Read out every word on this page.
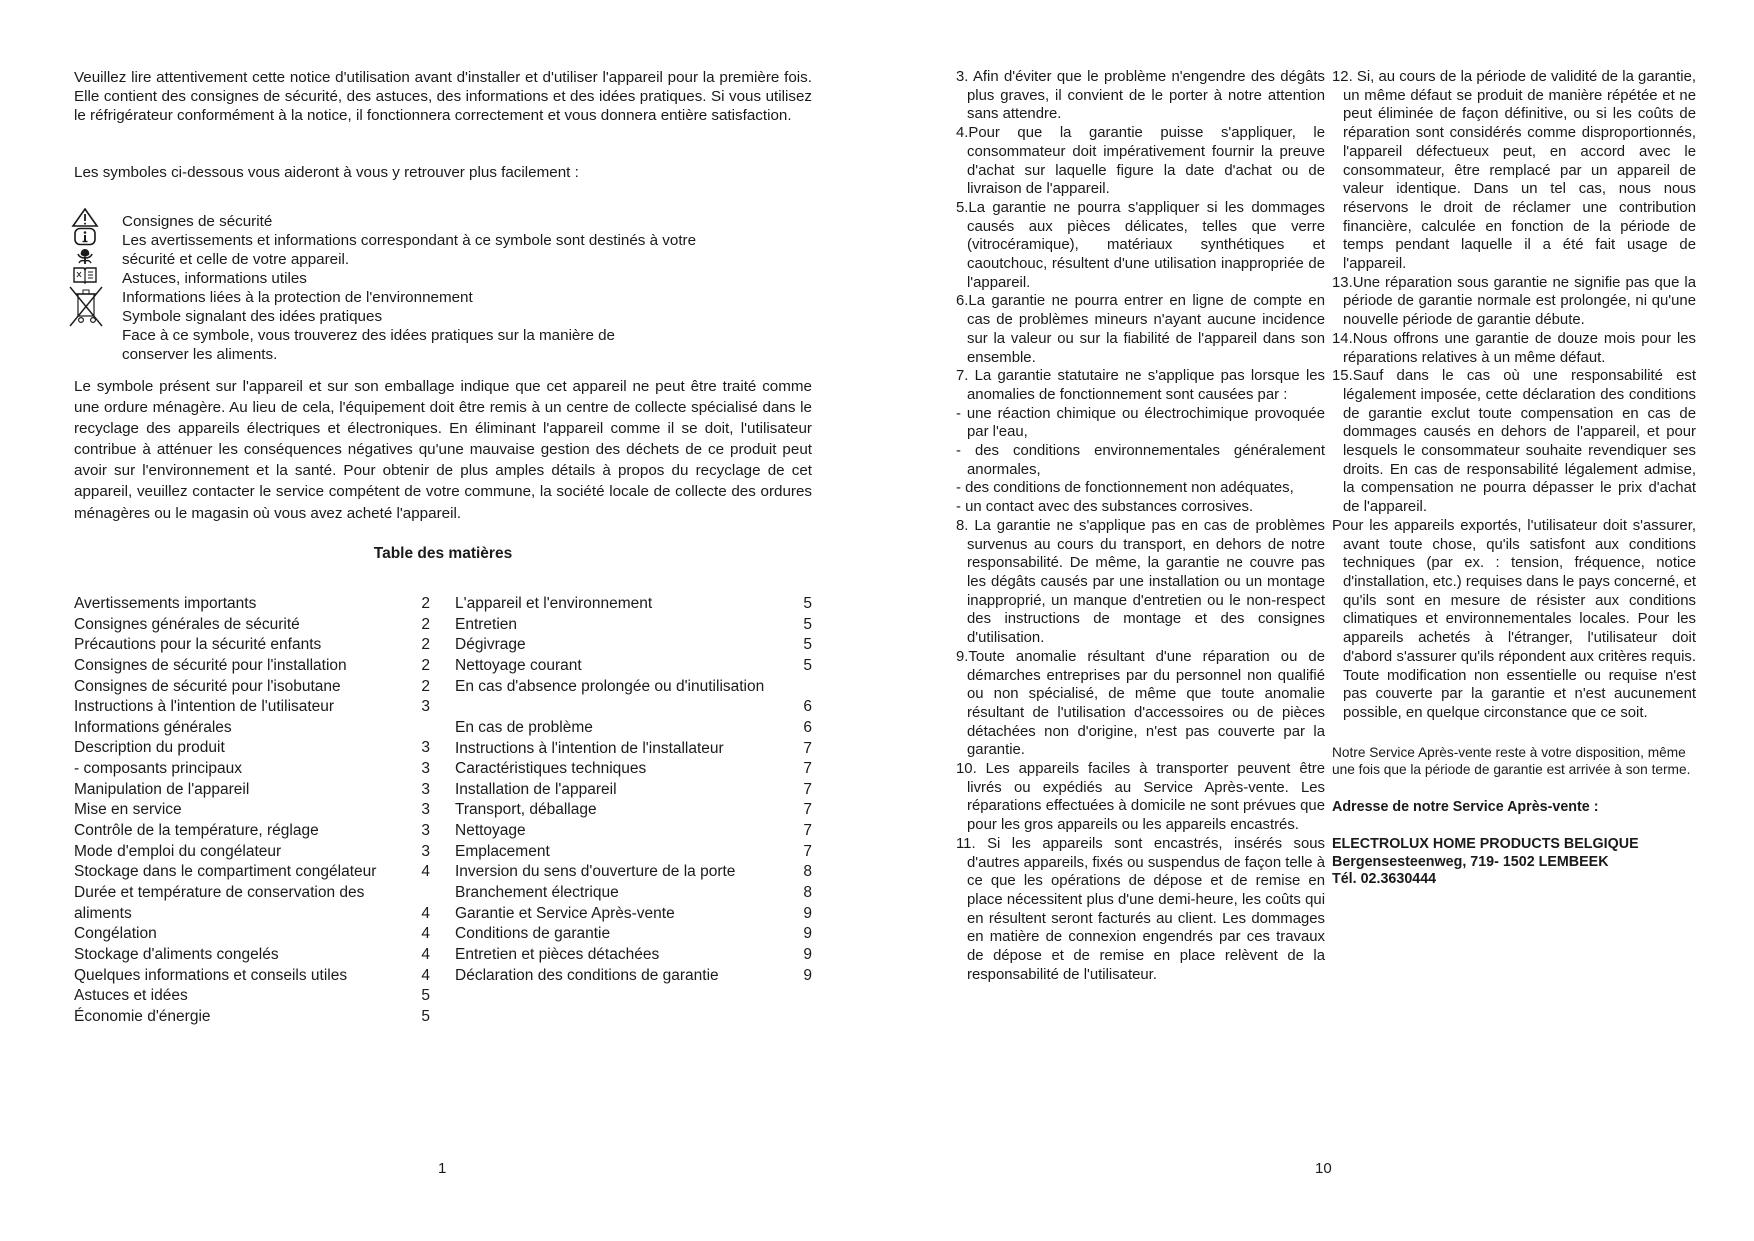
Veuillez lire attentivement cette notice d'utilisation avant d'installer et d'utiliser l'appareil pour la première fois. Elle contient des consignes de sécurité, des astuces, des informations et des idées pratiques. Si vous utilisez le réfrigérateur conformément à la notice, il fonctionnera correctement et vous donnera entière satisfaction.

Les symboles ci-dessous vous aideront à vous y retrouver plus facilement :

Consignes de sécurité
Les avertissements et informations correspondant à ce symbole sont destinés à votre
sécurité et celle de votre appareil.
Astuces, informations utiles
Informations liées à la protection de l'environnement
Symbole signalant des idées pratiques
Face à ce symbole, vous trouverez des idées pratiques sur la manière de
conserver les aliments.

Le symbole présent sur l'appareil et sur son emballage indique que cet appareil ne peut être traité comme une ordure ménagère. Au lieu de cela, l'équipement doit être remis à un centre de collecte spécialisé dans le recyclage des appareils électriques et électroniques. En éliminant l'appareil comme il se doit, l'utilisateur contribue à atténuer les conséquences négatives qu'une mauvaise gestion des déchets de ce produit peut avoir sur l'environnement et la santé. Pour obtenir de plus amples détails à propos du recyclage de cet appareil, veuillez contacter le service compétent de votre commune, la société locale de collecte des ordures ménagères ou le magasin où vous avez acheté l'appareil.

Table des matières

Avertissements importants	2
Consignes générales de sécurité	2
Précautions pour la sécurité enfants	2
Consignes de sécurité pour l'installation	2
Consignes de sécurité pour l'isobutane	2
Instructions à l'intention de l'utilisateur	3
Informations générales
Description du produit	3
- composants principaux	3
Manipulation de l'appareil	3
Mise en service	3
Contrôle de la température, réglage	3
Mode d'emploi du congélateur	3
Stockage dans le compartiment congélateur	4
Durée et température de conservation des aliments	4
Congélation	4
Stockage d'aliments congelés	4
Quelques informations et conseils utiles	4
Astuces et idées	5
Économie d'énergie	5
L'appareil et l'environnement	5
Entretien	5
Dégivrage	5
Nettoyage courant	5
En cas d'absence prolongée ou d'inutilisation
6
En cas de problème	6
Instructions à l'intention de l'installateur	7
Caractéristiques techniques	7
Installation de l'appareil	7
Transport, déballage	7
Nettoyage	7
Emplacement	7
Inversion du sens d'ouverture de la porte	8
Branchement électrique	8
Garantie et Service Après-vente	9
Conditions de garantie	9
Entretien et pièces détachées	9
Déclaration des conditions de garantie	9
1

3. Afin d'éviter que le problème n'engendre des dégâts plus graves, il convient de le porter à notre attention sans attendre.

4.Pour que la garantie puisse s'appliquer, le consommateur doit impérativement fournir la preuve d'achat sur laquelle figure la date d'achat ou de livraison de l'appareil.

5.La garantie ne pourra s'appliquer si les dommages causés aux pièces délicates, telles que verre (vitrocéramique), matériaux synthétiques et caoutchouc, résultent d'une utilisation inappropriée de l'appareil.

6.La garantie ne pourra entrer en ligne de compte en cas de problèmes mineurs n'ayant aucune incidence sur la valeur ou sur la fiabilité de l'appareil dans son ensemble.

7. La garantie statutaire ne s'applique pas lorsque les anomalies de fonctionnement sont causées par :

- une réaction chimique ou électrochimique provoquée par l'eau,

- des conditions environnementales généralement anormales,

- des conditions de fonctionnement non adéquates,

- un contact avec des substances corrosives.

8. La garantie ne s'applique pas en cas de problèmes survenus au cours du transport, en dehors de notre responsabilité. De même, la garantie ne couvre pas les dégâts causés par une installation ou un montage inapproprié, un manque d'entretien ou le non-respect des instructions de montage et des consignes d'utilisation.

9.Toute anomalie résultant d'une réparation ou de démarches entreprises par du personnel non qualifié ou non spécialisé, de même que toute anomalie résultant de l'utilisation d'accessoires ou de pièces détachées non d'origine, n'est pas couverte par la garantie.

10. Les appareils faciles à transporter peuvent être livrés ou expédiés au Service Après-vente. Les réparations effectuées à domicile ne sont prévues que pour les gros appareils ou les appareils encastrés.

11. Si les appareils sont encastrés, insérés sous d'autres appareils, fixés ou suspendus de façon telle à ce que les opérations de dépose et de remise en place nécessitent plus d'une demi-heure, les coûts qui en résultent seront facturés au client. Les dommages en matière de connexion engendrés par ces travaux de dépose et de remise en place relèvent de la responsabilité de l'utilisateur.

12. Si, au cours de la période de validité de la garantie, un même défaut se produit de manière répétée et ne peut éliminée de façon définitive, ou si les coûts de réparation sont considérés comme disproportionnés, l'appareil défectueux peut, en accord avec le consommateur, être remplacé par un appareil de valeur identique. Dans un tel cas, nous nous réservons le droit de réclamer une contribution financière, calculée en fonction de la période de temps pendant laquelle il a été fait usage de l'appareil.

13.Une réparation sous garantie ne signifie pas que la période de garantie normale est prolongée, ni qu'une nouvelle période de garantie débute.

14.Nous offrons une garantie de douze mois pour les réparations relatives à un même défaut.

15.Sauf dans le cas où une responsabilité est légalement imposée, cette déclaration des conditions de garantie exclut toute compensation en cas de dommages causés en dehors de l'appareil, et pour lesquels le consommateur souhaite revendiquer ses droits. En cas de responsabilité légalement admise, la compensation ne pourra dépasser le prix d'achat de l'appareil.

Pour les appareils exportés, l'utilisateur doit s'assurer, avant toute chose, qu'ils satisfont aux conditions techniques (par ex. : tension, fréquence, notice d'installation, etc.) requises dans le pays concerné, et qu'ils sont en mesure de résister aux conditions climatiques et environnementales locales. Pour les appareils achetés à l'étranger, l'utilisateur doit d'abord s'assurer qu'ils répondent aux critères requis. Toute modification non essentielle ou requise n'est pas couverte par la garantie et n'est aucunement possible, en quelque circonstance que ce soit.

Notre Service Après-vente reste à votre disposition, même une fois que la période de garantie est arrivée à son terme.

Adresse de notre Service Après-vente :

ELECTROLUX HOME PRODUCTS BELGIQUE
Bergensesteenweg, 719- 1502 LEMBEEK
Tél. 02.3630444
10
